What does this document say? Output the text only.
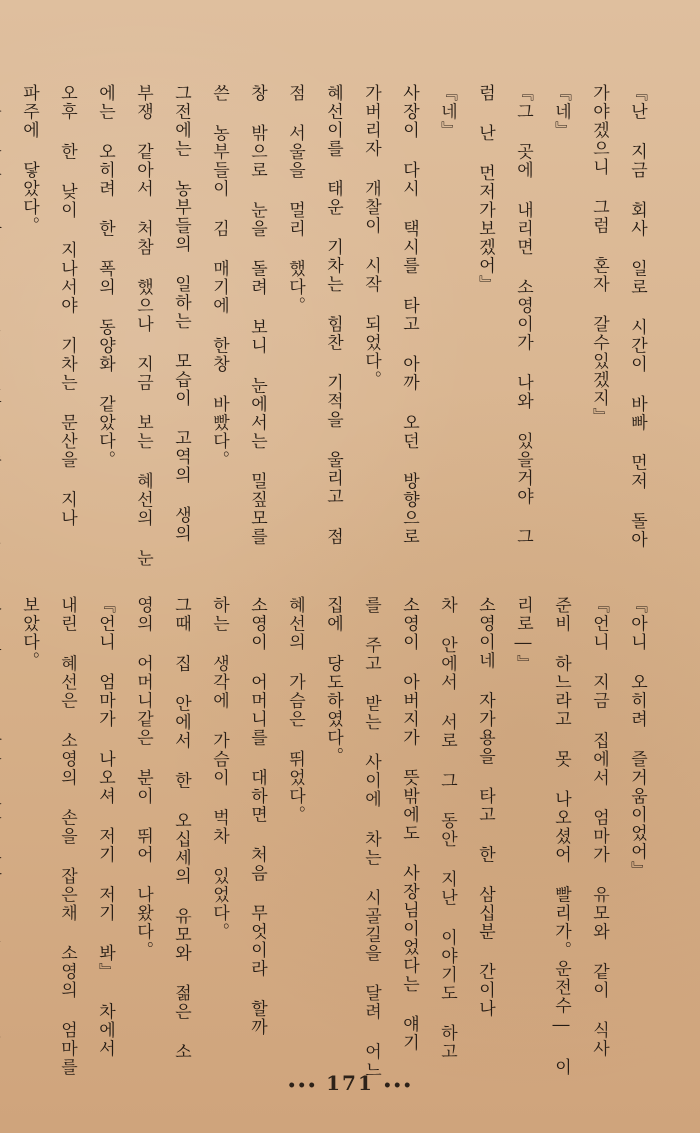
『난 지금 회사 일로 시간이 바빠 먼저 돌아
가야겠으니 그럼 혼자 갈수있겠지』
『네』
『그 곳에 내리면 소영이가 나와 있을거야 그
럼 난 먼저가보겠어』
『네』
사장이 다시 택시를 타고 아까 오던 방향으로
가버리자 개찰이 시작 되었다。
혜선이를 태운 기차는 힘찬 기적을 울리고 점
점 서울을 멀리 했다。
창 밖으로 눈을 돌려 보니 눈에서는 밀짚모를
쓴 농부들이 김 매기에 한창 바빴다。
그전에는 농부들의 일하는 모습이 고역의 생의
부쟁 같아서 처참 했으나 지금 보는 혜선의 눈
에는 오히려 한 폭의 동양화 같았다。
오후 한 낮이 지나서야 기차는 문산을 지나
파주에 닿았다。
『아니 오히려 즐거움이었어』
『언니 지금 집에서 엄마가 유모와 같이 식사
준비 하느라고 못 나오셨어 빨리가。운전수― 이
리로―』
소영이네 자가용을 타고 한 삼십분 간이나
차 안에서 서로 그 동안 지난 이야기도 하고
소영이 아버지가 뜻밖에도 사장님이었다는 얘기
를 주고 받는 사이에 차는 시골길을 달려 어느
집에 당도하였다。
혜선의 가슴은 뛰었다。
소영이 어머니를 대하면 처음 무엇이라 할까
하는 생각에 가슴이 벅차 있었다。
그때 집 안에서 한 오십세의 유모와 젊은 소
영의 어머니같은 분이 뛰어 나왔다。
『언니 엄마가 나오셔 저기 저기 봐』 차에서
내린 혜선은 소영의 손을 잡은채 소영의 엄마를
보았다。
••• 171 •••
